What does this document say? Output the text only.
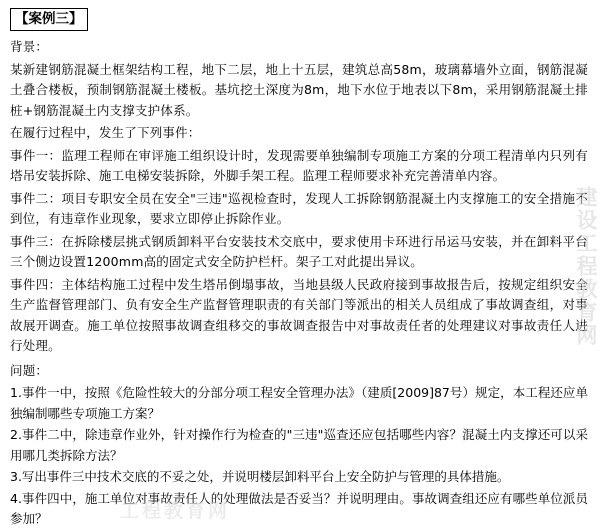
【案例三】

背景：

某新建钢筋混凝土框架结构工程，地下二层，地上十五层，建筑总高58m，玻璃幕墙外立面，钢筋混凝土叠合楼板，预制钢筋混凝土楼板。基坑挖土深度为8m，地下水位于地表以下8m，采用钢筋混凝土排桩+钢筋混凝土内支撑支护体系。

在履行过程中，发生了下列事件：

事件一：监理工程师在审评施工组织设计时，发现需要单独编制专项施工方案的分项工程清单内只列有塔吊安装拆除、施工电梯安装拆除，外脚手架工程。监理工程师要求补充完善清单内容。

事件二：项目专职安全员在安全"三违"巡视检查时，发现人工拆除钢筋混凝土内支撑施工的安全措施不到位，有违章作业现象，要求立即停止拆除作业。

事件三：在拆除楼层挑式钢质卸料平台安装技术交底中，要求使用卡环进行吊运马安装，并在卸料平台三个侧边设置1200mm高的固定式安全防护栏杆。架子工对此提出异议。

事件四：主体结构施工过程中发生塔吊倒塌事故，当地县级人民政府接到事故报告后，按规定组织安全生产监督管理部门、负有安全生产监督管理职责的有关部门等派出的相关人员组成了事故调查组，对事故展开调查。施工单位按照事故调查组移交的事故调查报告中对事故责任者的处理建议对事故责任人进行处理。

问题：

1.事件一中，按照《危险性较大的分部分项工程安全管理办法》（建质[2009]87号）规定，本工程还应单独编制哪些专项施工方案？

2.事件二中，除违章作业外，针对操作行为检查的"三违"巡查还应包括哪些内容？混凝土内支撑还可以采用哪几类拆除方法？

3.写出事件三中技术交底的不妥之处，并说明楼层卸料平台上安全防护与管理的具体措施。

4.事件四中，施工单位对事故责任人的处理做法是否妥当？并说明理由。事故调查组还应有哪些单位派员参加？

建设工程教育网
工程教育网
